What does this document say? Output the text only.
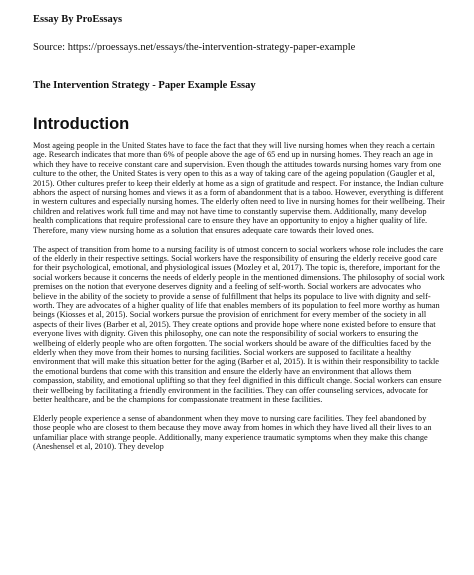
Essay By ProEssays
Source: https://proessays.net/essays/the-intervention-strategy-paper-example
The Intervention Strategy - Paper Example Essay
Introduction

Most ageing people in the United States have to face the fact that they will live nursing homes when they reach a certain age. Research indicates that more than 6% of people above the age of 65 end up in nursing homes. They reach an age in which they have to receive constant care and supervision. Even though the attitudes towards nursing homes vary from one culture to the other, the United States is very open to this as a way of taking care of the ageing population (Gaugler et al, 2015). Other cultures prefer to keep their elderly at home as a sign of gratitude and respect. For instance, the Indian culture abhors the aspect of nursing homes and views it as a form of abandonment that is a taboo. However, everything is different in western cultures and especially nursing homes. The elderly often need to live in nursing homes for their wellbeing. Their children and relatives work full time and may not have time to constantly supervise them. Additionally, many develop health complications that require professional care to ensure they have an opportunity to enjoy a higher quality of life. Therefore, many view nursing home as a solution that ensures adequate care towards their loved ones.

The aspect of transition from home to a nursing facility is of utmost concern to social workers whose role includes the care of the elderly in their respective settings. Social workers have the responsibility of ensuring the elderly receive good care for their psychological, emotional, and physiological issues (Mozley et al, 2017). The topic is, therefore, important for the social workers because it concerns the needs of elderly people in the mentioned dimensions. The philosophy of social work premises on the notion that everyone deserves dignity and a feeling of self-worth. Social workers are advocates who believe in the ability of the society to provide a sense of fulfillment that helps its populace to live with dignity and self-worth. They are advocates of a higher quality of life that enables members of its population to feel more worthy as human beings (Kiosses et al, 2015). Social workers pursue the provision of enrichment for every member of the society in all aspects of their lives (Barber et al, 2015). They create options and provide hope where none existed before to ensure that everyone lives with dignity. Given this philosophy, one can note the responsibility of social workers to ensuring the wellbeing of elderly people who are often forgotten. The social workers should be aware of the difficulties faced by the elderly when they move from their homes to nursing facilities. Social workers are supposed to facilitate a healthy environment that will make this situation better for the aging (Barber et al, 2015). It is within their responsibility to tackle the emotional burdens that come with this transition and ensure the elderly have an environment that allows them compassion, stability, and emotional uplifting so that they feel dignified in this difficult change. Social workers can ensure their wellbeing by facilitating a friendly environment in the facilities. They can offer counseling services, advocate for better healthcare, and be the champions for compassionate treatment in these facilities.

Elderly people experience a sense of abandonment when they move to nursing care facilities. They feel abandoned by those people who are closest to them because they move away from homes in which they have lived all their lives to an unfamiliar place with strange people. Additionally, many experience traumatic symptoms when they make this change (Aneshensel et al, 2010). They develop
